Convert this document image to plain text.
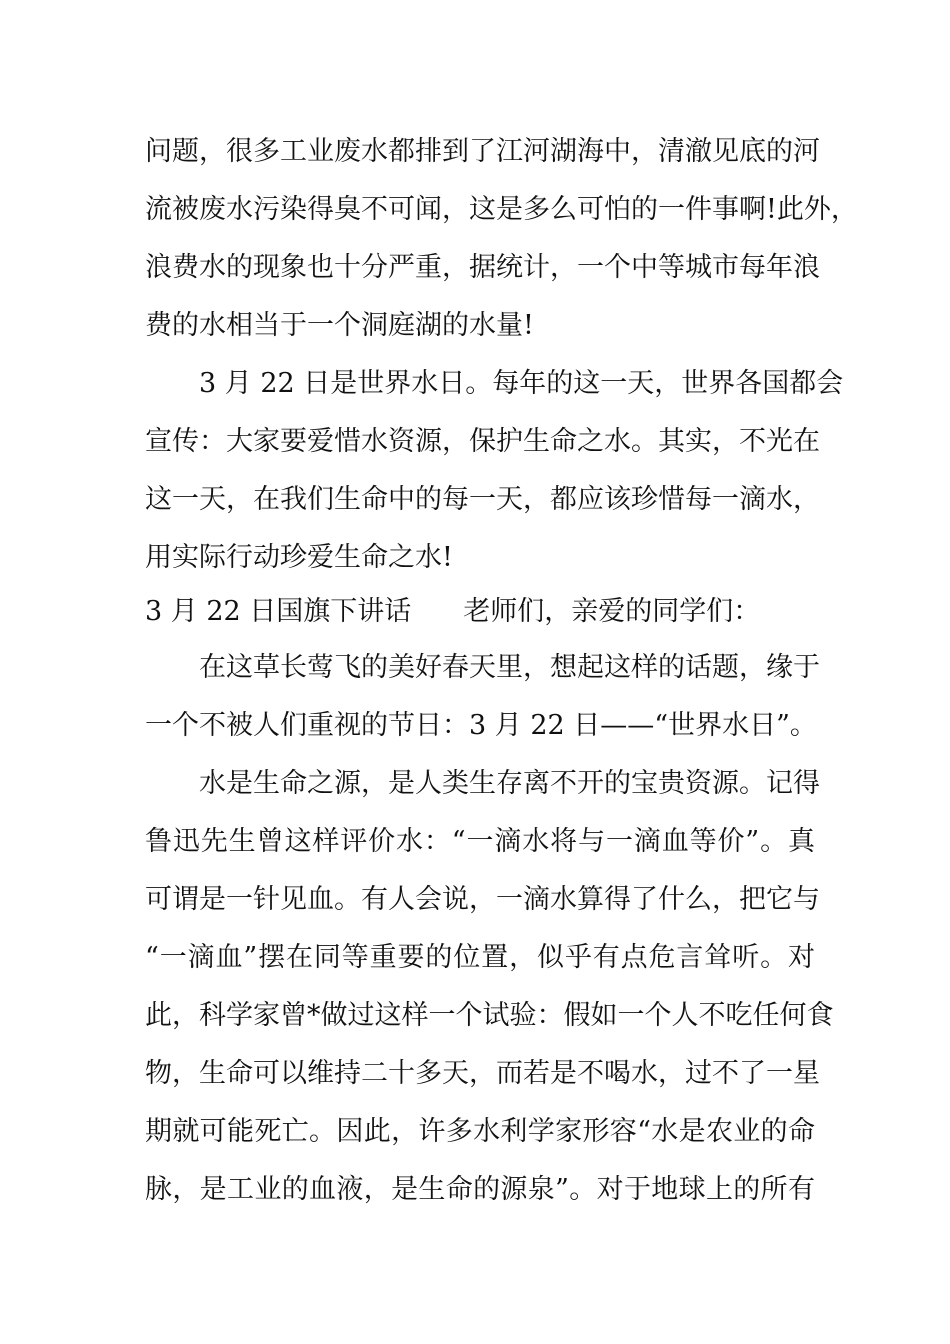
问题，很多工业废水都排到了江河湖海中，清澈见底的河
流被废水污染得臭不可闻，这是多么可怕的一件事啊!此外，
浪费水的现象也十分严重，据统计，一个中等城市每年浪
费的水相当于一个洞庭湖的水量!
3 月 22 日是世界水日。每年的这一天，世界各国都会
宣传：大家要爱惜水资源，保护生命之水。其实，不光在
这一天，在我们生命中的每一天，都应该珍惜每一滴水，
用实际行动珍爱生命之水!
3 月 22 日国旗下讲话 老师们，亲爱的同学们：
在这草长莺飞的美好春天里，想起这样的话题，缘于
一个不被人们重视的节日：3 月 22 日——“世界水日”。
水是生命之源，是人类生存离不开的宝贵资源。记得
鲁迅先生曾这样评价水：“一滴水将与一滴血等价”。真
可谓是一针见血。有人会说，一滴水算得了什么，把它与
“一滴血”摆在同等重要的位置，似乎有点危言耸听。对
此，科学家曾*做过这样一个试验：假如一个人不吃任何食
物，生命可以维持二十多天，而若是不喝水，过不了一星
期就可能死亡。因此，许多水利学家形容“水是农业的命
脉，是工业的血液，是生命的源泉”。对于地球上的所有
